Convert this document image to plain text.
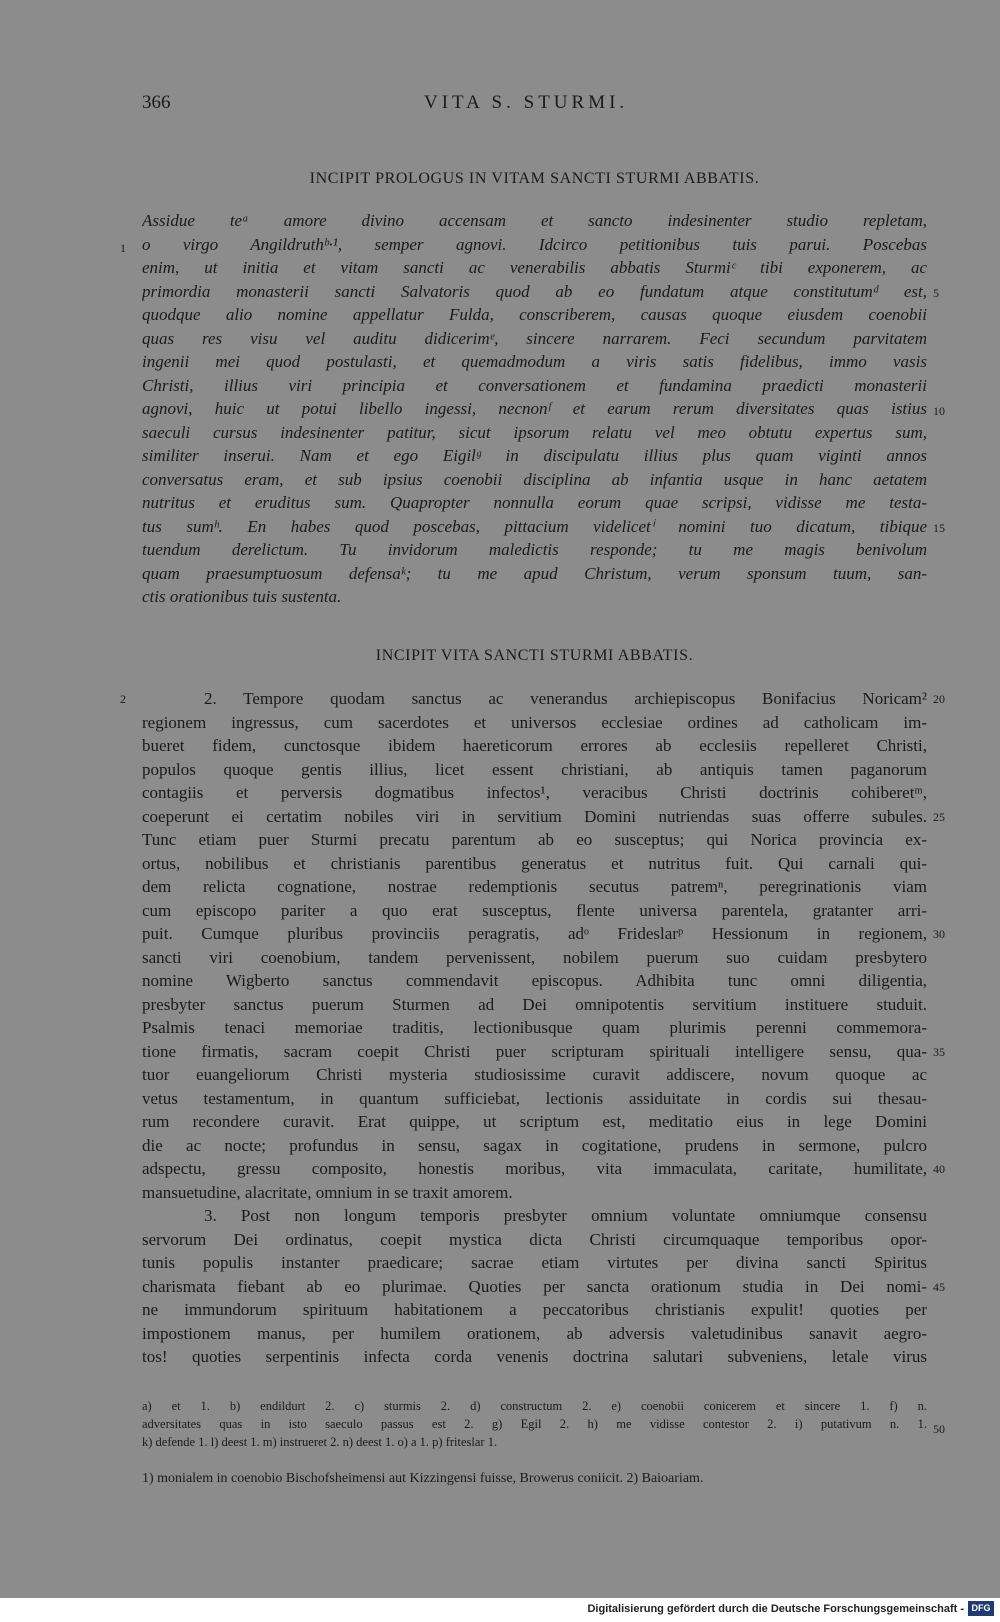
366	VITA S. STURMI.
INCIPIT PROLOGUS IN VITAM SANCTI STURMI ABBATIS.
Assidue teᵃ amore divino accensam et sancto indesinenter studio repletam,
o virgo Angildruthᵇ·¹, semper agnovi. Idcirco petitionibus tuis parui. Poscebas
enim, ut initia et vitam sancti ac venerabilis abbatis Sturmiᶜ tibi exponerem, ac
primordia monasterii sancti Salvatoris quod ab eo fundatum atque constitutumᵈ est,
quodque alio nomine appellatur Fulda, conscriberem, causas quoque eiusdem coenobii
quas res visu vel auditu didicerimᵉ, sincere narrarem. Feci secundum parvitatem
ingenii mei quod postulasti, et quemadmodum a viris satis fidelibus, immo vasis
Christi, illius viri principia et conversationem et fundamina praedicti monasterii
agnovi, huic ut potui libello ingessi, necnonᶠ et earum rerum diversitates quas istius
saeculi cursus indesinenter patitur, sicut ipsorum relatu vel meo obtutu expertus sum,
similiter inserui. Nam et ego Eigilᵍ in discipulatu illius plus quam viginti annos
conversatus eram, et sub ipsius coenobii disciplina ab infantia usque in hanc aetatem
nutritus et eruditus sum. Quapropter nonnulla eorum quae scripsi, vidisse me testa-
tus sumʰ. En habes quod poscebas, pittacium videlicetⁱ nomini tuo dicatum, tibique
tuendum derelictum. Tu invidorum maledictis responde; tu me magis benivolum
quam praesumptuosum defensaᵏ; tu me apud Christum, verum sponsum tuum, san-
ctis orationibus tuis sustenta.
INCIPIT VITA SANCTI STURMI ABBATIS.
2. Tempore quodam sanctus ac venerandus archiepiscopus Bonifacius Noricam²
regionem ingressus, cum sacerdotes et universos ecclesiae ordines ad catholicam im-
bueret fidem, cunctosque ibidem haereticorum errores ab ecclesiis repelleret Christi,
populos quoque gentis illius, licet essent christiani, ab antiquis tamen paganorum
contagiis et perversis dogmatibus infectos¹, veracibus Christi doctrinis cohiberetᵐ,
coeperunt ei certatim nobiles viri in servitium Domini nutriendas suas offerre subules.
Tunc etiam puer Sturmi precatu parentum ab eo susceptus; qui Norica provincia ex-
ortus, nobilibus et christianis parentibus generatus et nutritus fuit. Qui carnali qui-
dem relicta cognatione, nostrae redemptionis secutus patremⁿ, peregrinationis viam
cum episcopo pariter a quo erat susceptus, flente universa parentela, gratanter arri-
puit. Cumque pluribus provinciis peragratis, adᵒ Frideslarᵖ Hessionum in regionem,
sancti viri coenobium, tandem pervenissent, nobilem puerum suo cuidam presbytero
nomine Wigberto sanctus commendavit episcopus. Adhibita tunc omni diligentia,
presbyter sanctus puerum Sturmen ad Dei omnipotentis servitium instituere studuit.
Psalmis tenaci memoriae traditis, lectionibusque quam plurimis perenni commemora-
tione firmatis, sacram coepit Christi puer scripturam spirituali intelligere sensu, qua-
tuor euangeliorum Christi mysteria studiosissime curavit addiscere, novum quoque ac
vetus testamentum, in quantum sufficiebat, lectionis assiduitate in cordis sui thesau-
rum recondere curavit. Erat quippe, ut scriptum est, meditatio eius in lege Domini
die ac nocte; profundus in sensu, sagax in cogitatione, prudens in sermone, pulcro
adspectu, gressu composito, honestis moribus, vita immaculata, caritate, humilitate,
mansuetudine, alacritate, omnium in se traxit amorem.
3. Post non longum temporis presbyter omnium voluntate omniumque consensu
servorum Dei ordinatus, coepit mystica dicta Christi circumquaque temporibus opor-
tunis populis instanter praedicare; sacrae etiam virtutes per divina sancti Spiritus
charismata fiebant ab eo plurimae. Quoties per sancta orationum studia in Dei nomi-
ne immundorum spirituum habitationem a peccatoribus christianis expulit! quoties per
impostionem manus, per humilem orationem, ab adversis valetudinibus sanavit aegro-
tos! quoties serpentinis infecta corda venenis doctrina salutari subveniens, letale virus
1
2
5
10
15
20
25
30
35
40
45
50
a) et 1. b) endildurt 2. c) sturmis 2. d) constructum 2. e) coenobii conicerem et sincere 1. f) n.
adversitates quas in isto saeculo passus est 2. g) Egil 2. h) me vidisse contestor 2. i) putativum n. 1.
k) defende 1. l) deest 1. m) instrueret 2. n) deest 1. o) a 1. p) friteslar 1.
1) monialem in coenobio Bischofsheimensi aut Kizzingensi fuisse, Browerus coniicit. 2) Baioariam.
Digitalisierung gefördert durch die Deutsche Forschungsgemeinschaft - DFG
